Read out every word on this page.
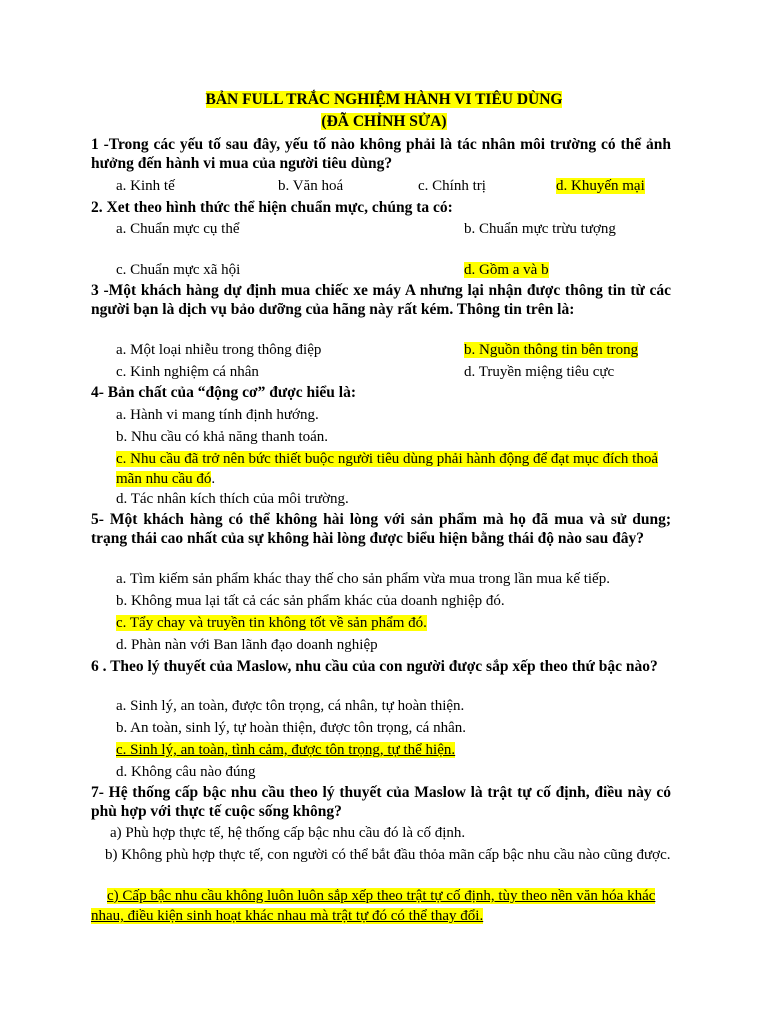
BẢN FULL TRẮC NGHIỆM HÀNH VI TIÊU DÙNG
(ĐÃ CHỈNH SỬA)
1 -Trong các yếu tố sau đây, yếu tố nào không phải là tác nhân môi trường có thể ảnh hưởng đến hành vi mua của người tiêu dùng?
a. Kinh tế	b. Văn hoá	c. Chính trị	d. Khuyến mại
2. Xet theo hình thức thể hiện chuẩn mực, chúng ta có:
a. Chuẩn mực cụ thể	b. Chuẩn mực trừu tượng
c. Chuẩn mực xã hội	d. Gồm a và b
3 -Một khách hàng dự định mua chiếc xe máy A nhưng lại nhận được thông tin từ các người bạn là dịch vụ bảo dưỡng của hãng này rất kém. Thông tin trên là:
a. Một loại nhiễu trong thông điệp	b. Nguồn thông tin bên trong
c. Kinh nghiệm cá nhân	d. Truyền miệng tiêu cực
4- Bản chất của “động cơ” được hiểu là:
a. Hành vi mang tính định hướng.
b. Nhu cầu có khả năng thanh toán.
c. Nhu cầu đã trở nên bức thiết buộc người tiêu dùng phải hành động để đạt mục đích thoả mãn nhu cầu đó.
d. Tác nhân kích thích của môi trường.
5- Một khách hàng có thể không hài lòng với sản phẩm mà họ đã mua và sử dung; trạng thái cao nhất của sự không hài lòng được biểu hiện bằng thái độ nào sau đây?
a. Tìm kiếm sản phẩm khác thay thế cho sản phẩm vừa mua trong lần mua kế tiếp.
b. Không mua lại tất cả các sản phẩm khác của doanh nghiệp đó.
c. Tẩy chay và truyền tin không tốt về sản phẩm đó.
d. Phàn nàn với Ban lãnh đạo doanh nghiệp
6 . Theo lý thuyết của Maslow, nhu cầu của con người được sắp xếp theo thứ bậc nào?
a. Sinh lý, an toàn, được tôn trọng, cá nhân, tự hoàn thiện.
b. An toàn, sinh lý, tự hoàn thiện, được tôn trọng, cá nhân.
c. Sinh lý, an toàn, tình cảm, được tôn trọng, tự thể hiện.
d. Không câu nào đúng
7- Hệ thống cấp bậc nhu cầu theo lý thuyết của Maslow là trật tự cố định, điều này có phù hợp với thực tế cuộc sống không?
a) Phù hợp thực tế, hệ thống cấp bậc nhu cầu đó là cố định.
b) Không phù hợp thực tế, con người có thể bắt đầu thỏa mãn cấp bậc nhu cầu nào cũng được.
c) Cấp bậc nhu cầu không luôn luôn sắp xếp theo trật tự cố định, tùy theo nền văn hóa khác nhau, điều kiện sinh hoạt khác nhau mà trật tự đó có thể thay đổi.
